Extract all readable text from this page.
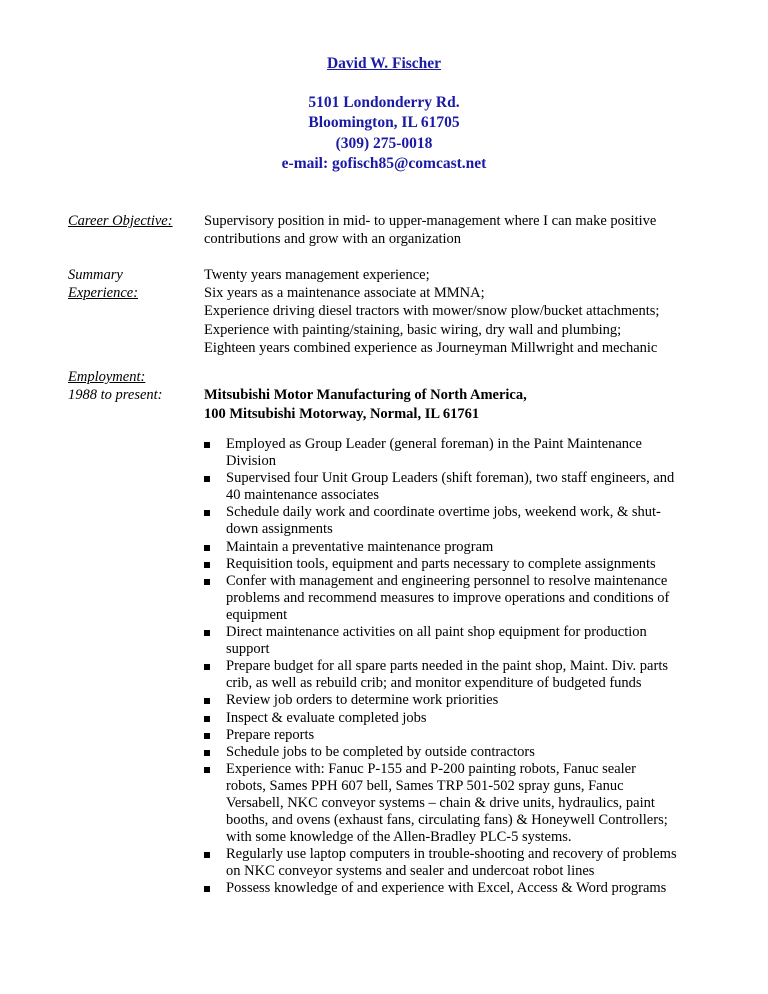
David W. Fischer
5101 Londonderry Rd.
Bloomington, IL 61705
(309) 275-0018
e-mail: gofisch85@comcast.net
Career Objective: Supervisory position in mid- to upper-management where I can make positive
contributions and grow with an organization
Summary
Experience:
Twenty years management experience;
Six years as a maintenance associate at MMNA;
Experience driving diesel tractors with mower/snow plow/bucket attachments;
Experience with painting/staining, basic wiring, dry wall and plumbing;
Eighteen years combined experience as Journeyman Millwright and mechanic
Employment:
1988 to present:	Mitsubishi Motor Manufacturing of North America,
100 Mitsubishi Motorway, Normal, IL 61761
Employed as Group Leader (general foreman) in the Paint Maintenance
Division
Supervised four Unit Group Leaders (shift foreman), two staff engineers, and
40 maintenance associates
Schedule daily work and coordinate overtime jobs, weekend work, & shut-
down assignments
Maintain a preventative maintenance program
Requisition tools, equipment and parts necessary to complete assignments
Confer with management and engineering personnel to resolve maintenance
problems and recommend measures to improve operations and conditions of
equipment
Direct maintenance activities on all paint shop equipment for production
support
Prepare budget for all spare parts needed in the paint shop, Maint. Div. parts
crib, as well as rebuild crib; and monitor expenditure of budgeted funds
Review job orders to determine work priorities
Inspect & evaluate completed jobs
Prepare reports
Schedule jobs to be completed by outside contractors
Experience with: Fanuc P-155 and P-200 painting robots, Fanuc sealer
robots, Sames PPH 607 bell, Sames TRP 501-502 spray guns, Fanuc
Versabell, NKC conveyor systems – chain & drive units, hydraulics, paint
booths, and ovens (exhaust fans, circulating fans) & Honeywell Controllers;
with some knowledge of the Allen-Bradley PLC-5 systems.
Regularly use laptop computers in trouble-shooting and recovery of problems
on NKC conveyor systems and sealer and undercoat robot lines
Possess knowledge of and experience with Excel, Access & Word programs
